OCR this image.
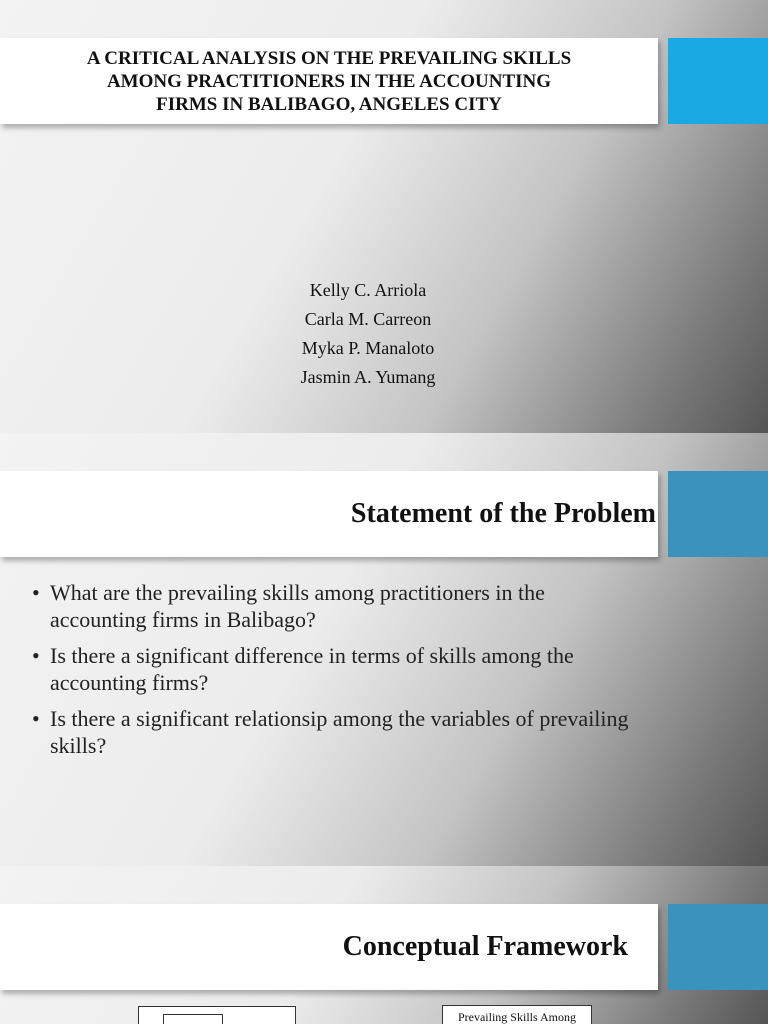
A CRITICAL ANALYSIS ON THE PREVAILING SKILLS
AMONG PRACTITIONERS IN THE ACCOUNTING
FIRMS IN BALIBAGO, ANGELES CITY
Kelly C. Arriola
Carla M. Carreon
Myka P. Manaloto
Jasmin A. Yumang
Statement of the Problem
• What are the prevailing skills among practitioners in the accounting firms in Balibago?
• Is there a significant difference in terms of skills among the accounting firms?
• Is there a significant relationsip among the variables of prevailing skills?
Conceptual Framework
Prevailing Skills Among
